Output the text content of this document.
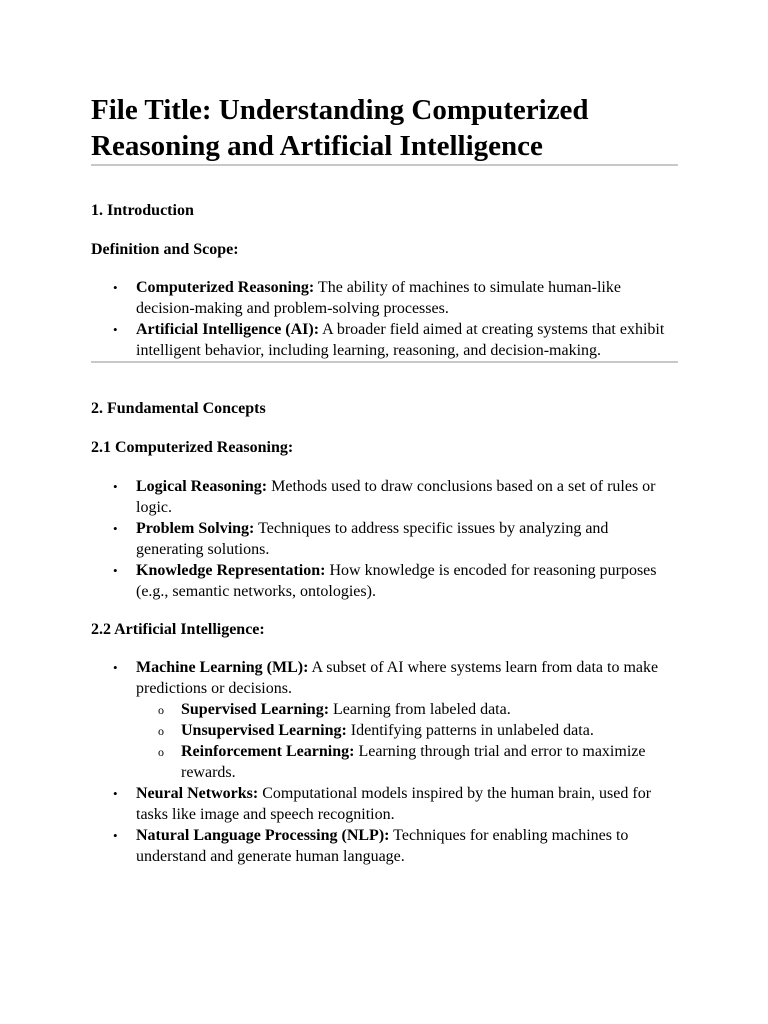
File Title: Understanding Computerized Reasoning and Artificial Intelligence
1. Introduction
Definition and Scope:
• Computerized Reasoning: The ability of machines to simulate human-like decision-making and problem-solving processes.
• Artificial Intelligence (AI): A broader field aimed at creating systems that exhibit intelligent behavior, including learning, reasoning, and decision-making.
2. Fundamental Concepts
2.1 Computerized Reasoning:
• Logical Reasoning: Methods used to draw conclusions based on a set of rules or logic.
• Problem Solving: Techniques to address specific issues by analyzing and generating solutions.
• Knowledge Representation: How knowledge is encoded for reasoning purposes (e.g., semantic networks, ontologies).
2.2 Artificial Intelligence:
• Machine Learning (ML): A subset of AI where systems learn from data to make predictions or decisions.
o Supervised Learning: Learning from labeled data.
o Unsupervised Learning: Identifying patterns in unlabeled data.
o Reinforcement Learning: Learning through trial and error to maximize rewards.
• Neural Networks: Computational models inspired by the human brain, used for tasks like image and speech recognition.
• Natural Language Processing (NLP): Techniques for enabling machines to understand and generate human language.
